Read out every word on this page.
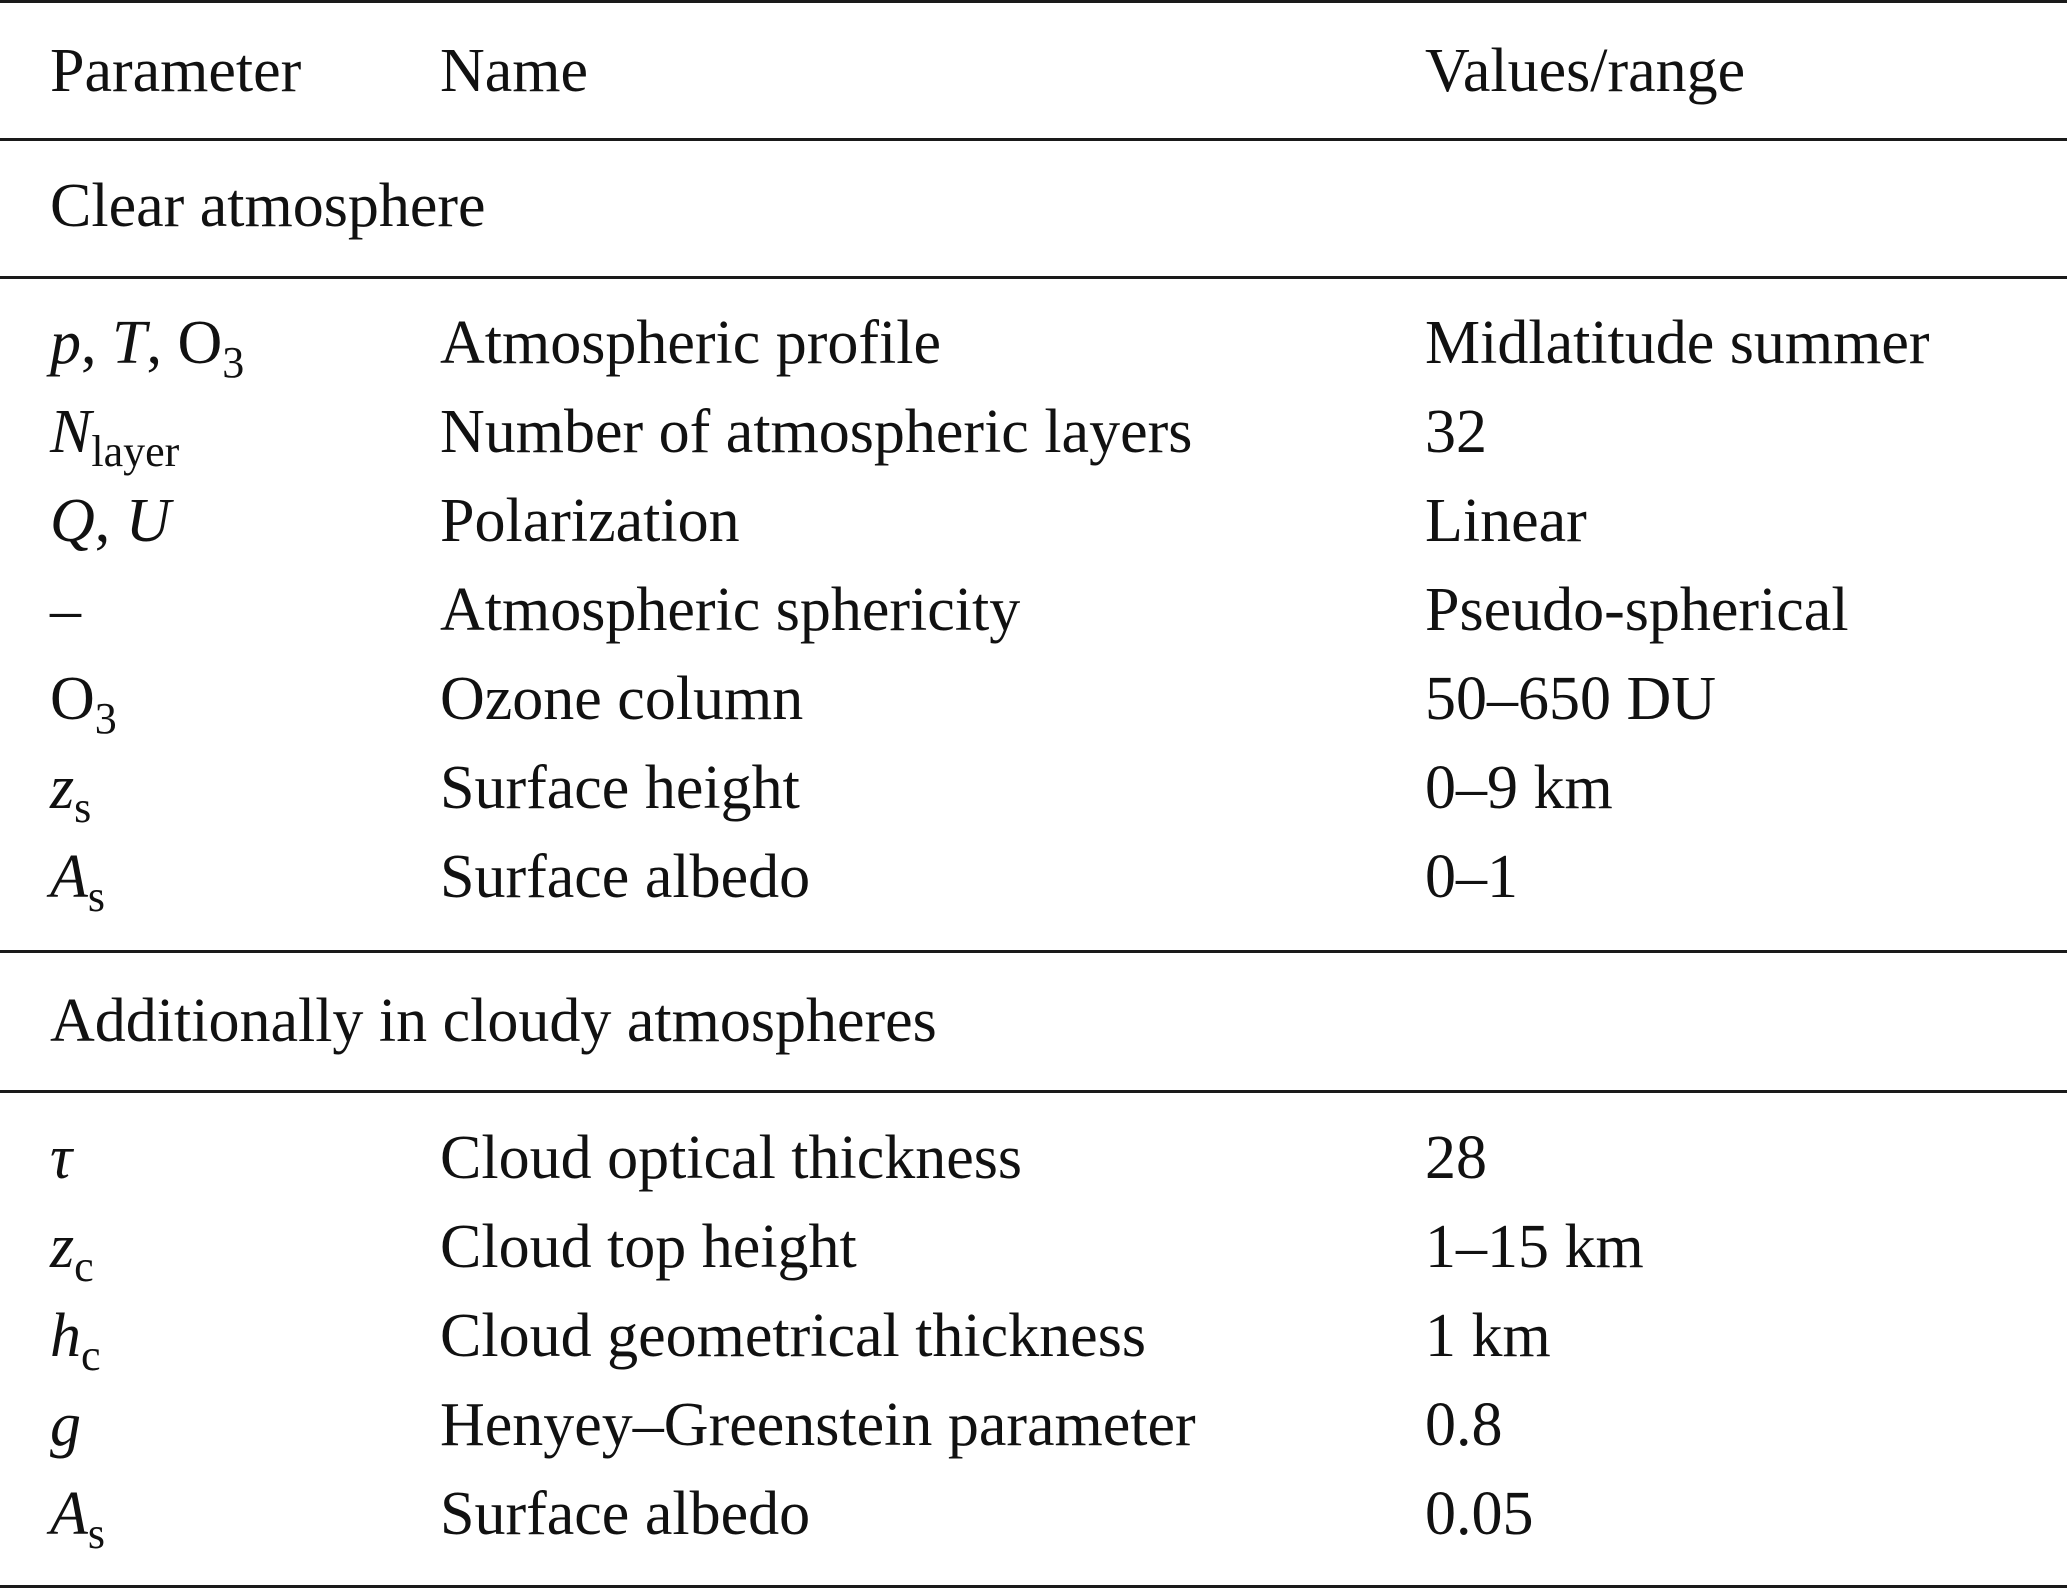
Parameter Name	Values/range
Clear atmosphere
p, T, $O_3$	Atmospheric profile	Midlatitude summer
$N_{layer}$	Number of atmospheric layers	32
Q, U	Polarization	Linear
–	Atmospheric sphericity	Pseudo-spherical
$O_3$	Ozone column	50–650 DU
$z_s$	Surface height	0–9 km
$A_s$	Surface albedo	0–1
Additionally in cloudy atmospheres
τ	Cloud optical thickness	28
$z_c$	Cloud top height	1–15 km
$h_c$	Cloud geometrical thickness	1 km
g	Henyey–Greenstein parameter	0.8
$A_s$	Surface albedo	0.05
